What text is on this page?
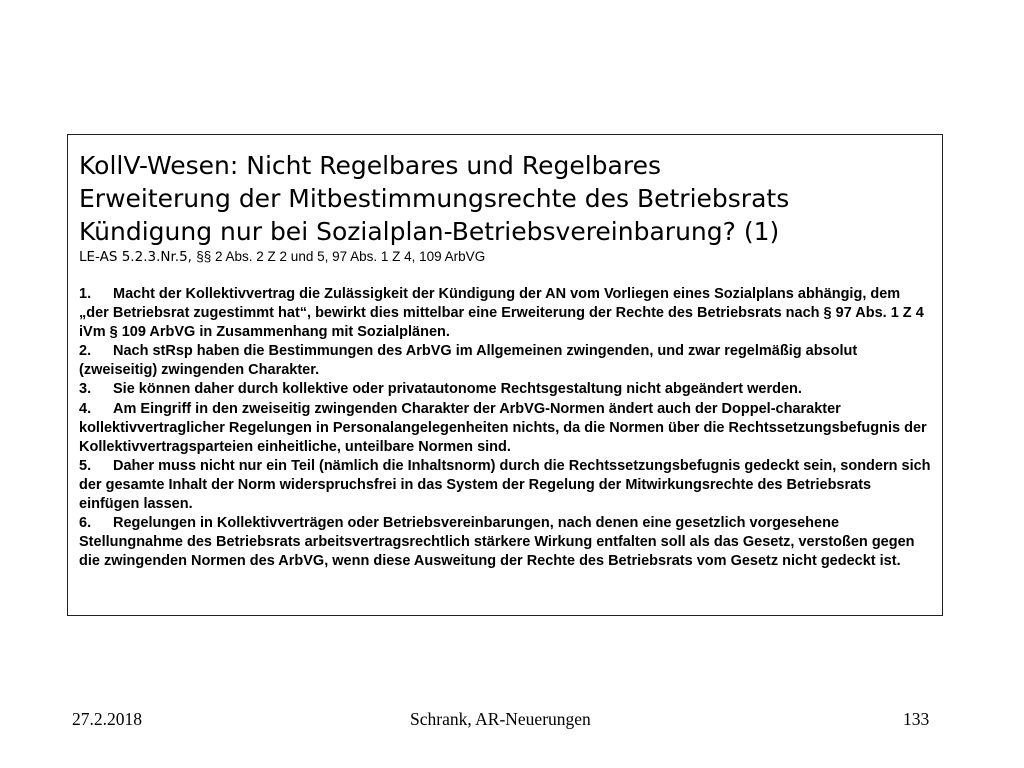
KollV-Wesen: Nicht Regelbares und Regelbares
Erweiterung der Mitbestimmungsrechte des Betriebsrats
Kündigung nur bei Sozialplan-Betriebsvereinbarung? (1)
LE-AS 5.2.3.Nr.5, §§ 2 Abs. 2 Z 2 und 5, 97 Abs. 1 Z 4, 109 ArbVG

1. Macht der Kollektivvertrag die Zulässigkeit der Kündigung der AN vom Vorliegen eines Sozialplans abhängig, dem „der Betriebsrat zugestimmt hat“, bewirkt dies mittelbar eine Erweiterung der Rechte des Betriebsrats nach § 97 Abs. 1 Z 4 iVm § 109 ArbVG in Zusammenhang mit Sozialplänen.

2. Nach stRsp haben die Bestimmungen des ArbVG im Allgemeinen zwingenden, und zwar regelmäßig absolut (zweiseitig) zwingenden Charakter.

3. Sie können daher durch kollektive oder privatautonome Rechtsgestaltung nicht abgeändert werden.

4. Am Eingriff in den zweiseitig zwingenden Charakter der ArbVG-Normen ändert auch der Doppel-charakter kollektivvertraglicher Regelungen in Personalangelegenheiten nichts, da die Normen über die Rechtssetzungsbefugnis der Kollektivvertragsparteien einheitliche, unteilbare Normen sind.

5. Daher muss nicht nur ein Teil (nämlich die Inhaltsnorm) durch die Rechtssetzungsbefugnis gedeckt sein, sondern sich der gesamte Inhalt der Norm widerspruchsfrei in das System der Regelung der Mitwirkungsrechte des Betriebsrats einfügen lassen.

6. Regelungen in Kollektivverträgen oder Betriebsvereinbarungen, nach denen eine gesetzlich vorgesehene Stellungnahme des Betriebsrats arbeitsvertragsrechtlich stärkere Wirkung entfalten soll als das Gesetz, verstoßen gegen die zwingenden Normen des ArbVG, wenn diese Ausweitung der Rechte des Betriebsrats vom Gesetz nicht gedeckt ist.

27.2.2018	Schrank, AR-Neuerungen	133
